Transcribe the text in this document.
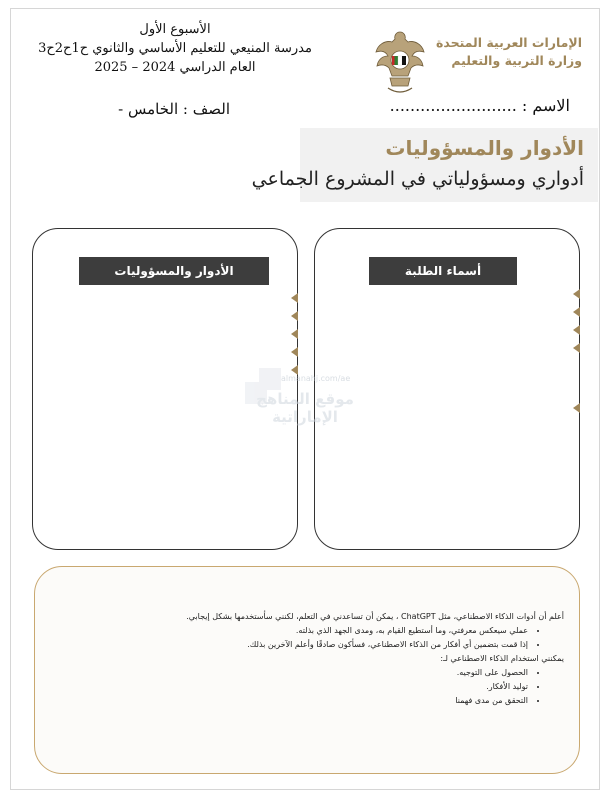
الأسبوع الأول
مدرسة المنيعي للتعليم الأساسي والثانوي ح1ح2ح3
العام الدراسي 2024 – 2025
الإمارات العربية المتحدة
وزارة التربية والتعليم
الاسم : .........................
الصف : الخامس -
الأدوار والمسؤوليات
أدواري ومسؤولياتي في المشروع الجماعي
الأدوار والمسؤوليات	أسماء الطلبة
almanahj.com/ae
موقع المناهج الإماراتية

أعلم أن أدوات الذكاء الاصطناعي، مثل ChatGPT ، يمكن أن تساعدني في التعلم، لكنني سأستخدمها بشكل إيجابي.

• عملي سيعكس معرفتي، وما أستطيع القيام به، ومدى الجهد الذي بذلته.
• إذا قمت بتضمين أي أفكار من الذكاء الاصطناعي، فسأكون صادقًا وأعلم الآخرين بذلك.

يمكنني استخدام الذكاء الاصطناعي لـ:

• الحصول على التوجيه.
• توليد الأفكار.
• التحقق من مدى فهمنا
